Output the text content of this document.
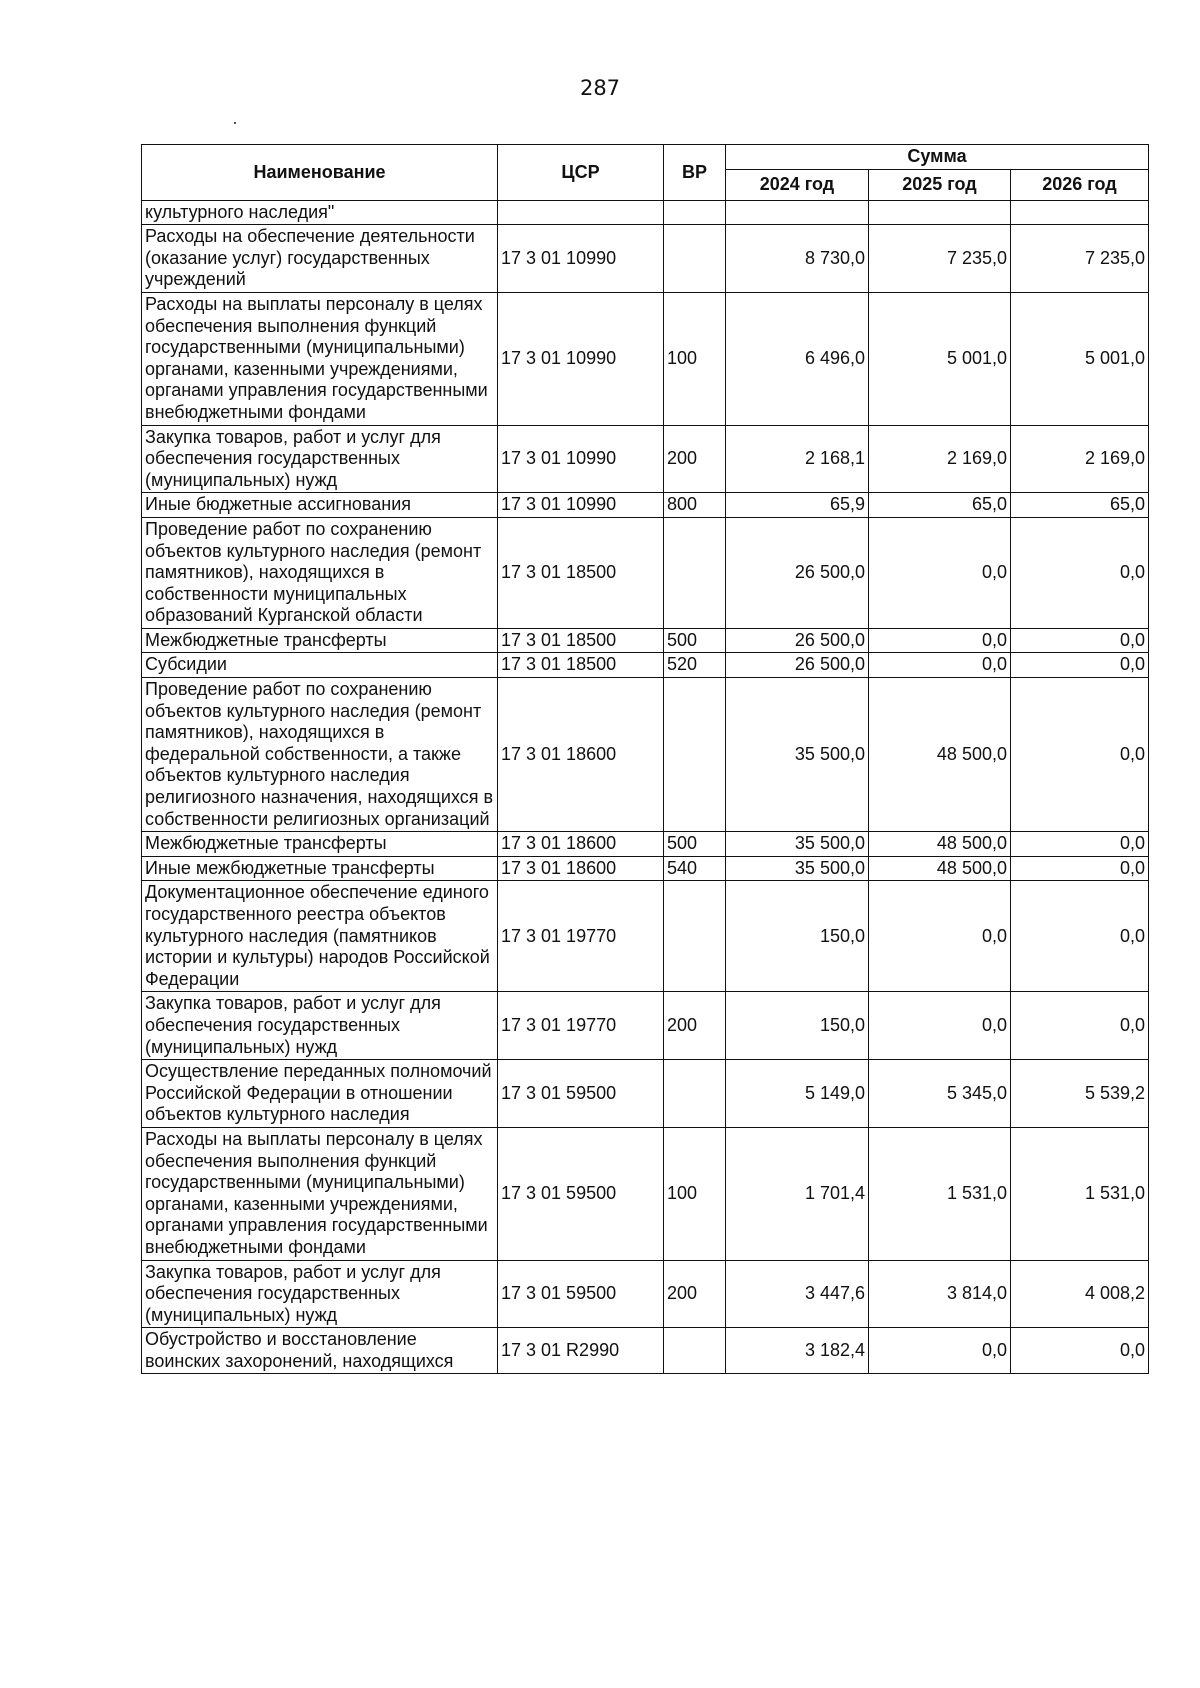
287
Наименование	ЦСР	ВР	Сумма		
			2024 год	2025 год	2026 год
культурного наследия"					
Расходы на обеспечение деятельности (оказание услуг) государственных учреждений	17 3 01 10990		8 730,0	7 235,0	7 235,0
Расходы на выплаты персоналу в целях обеспечения выполнения функций государственными (муниципальными) органами, казенными учреждениями, органами управления государственными внебюджетными фондами	17 3 01 10990	100	6 496,0	5 001,0	5 001,0
Закупка товаров, работ и услуг для обеспечения государственных (муниципальных) нужд	17 3 01 10990	200	2 168,1	2 169,0	2 169,0
Иные бюджетные ассигнования	17 3 01 10990	800	65,9	65,0	65,0
Проведение работ по сохранению объектов культурного наследия (ремонт памятников), находящихся в собственности муниципальных образований Курганской области	17 3 01 18500		26 500,0	0,0	0,0
Межбюджетные трансферты	17 3 01 18500	500	26 500,0	0,0	0,0
Субсидии	17 3 01 18500	520	26 500,0	0,0	0,0
Проведение работ по сохранению объектов культурного наследия (ремонт памятников), находящихся в федеральной собственности, а также объектов культурного наследия религиозного назначения, находящихся в собственности религиозных организаций	17 3 01 18600		35 500,0	48 500,0	0,0
Межбюджетные трансферты	17 3 01 18600	500	35 500,0	48 500,0	0,0
Иные межбюджетные трансферты	17 3 01 18600	540	35 500,0	48 500,0	0,0
Документационное обеспечение единого государственного реестра объектов культурного наследия (памятников истории и культуры) народов Российской Федерации	17 3 01 19770		150,0	0,0	0,0
Закупка товаров, работ и услуг для обеспечения государственных (муниципальных) нужд	17 3 01 19770	200	150,0	0,0	0,0
Осуществление переданных полномочий Российской Федерации в отношении объектов культурного наследия	17 3 01 59500		5 149,0	5 345,0	5 539,2
Расходы на выплаты персоналу в целях обеспечения выполнения функций государственными (муниципальными) органами, казенными учреждениями, органами управления государственными внебюджетными фондами	17 3 01 59500	100	1 701,4	1 531,0	1 531,0
Закупка товаров, работ и услуг для обеспечения государственных (муниципальных) нужд	17 3 01 59500	200	3 447,6	3 814,0	4 008,2
Обустройство и восстановление воинских захоронений, находящихся	17 3 01 R2990		3 182,4	0,0	0,0
